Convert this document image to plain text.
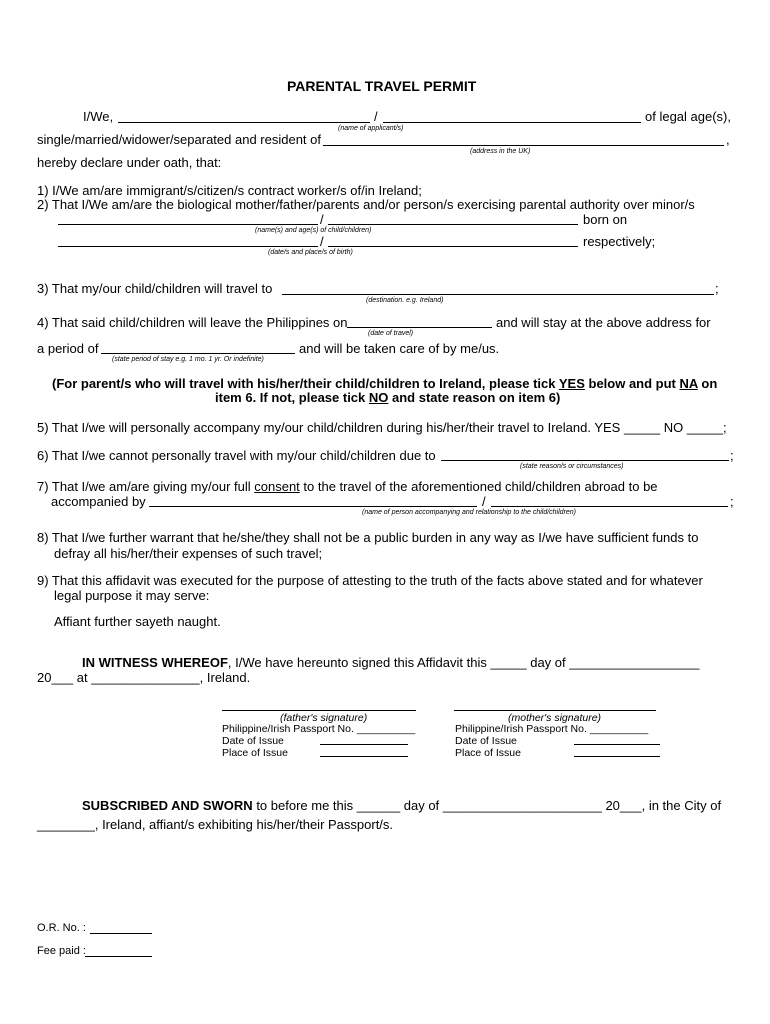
PARENTAL TRAVEL PERMIT
I/We,	/	of legal age(s),
(name of applicant/s)
single/married/widower/separated and resident of	,
(address in the UK)
hereby declare under oath, that:
1) I/We am/are immigrant/s/citizen/s contract worker/s of/in Ireland;
2) That I/We am/are the biological mother/father/parents and/or person/s exercising parental authority over minor/s
/	born on
(name(s) and age(s) of child/children)
/	respectively;
(date/s and place/s of birth)
3) That my/our child/children will travel to	;
(destination. e.g. Ireland)
4) That said child/children will leave the Philippines on	and will stay at the above address for
(date of travel)
a period of	and will be taken care of by me/us.
(state period of stay e.g. 1 mo. 1 yr. Or indefinite)
(For parent/s who will travel with his/her/their child/children to Ireland, please tick YES below and put NA on
item 6. If not, please tick NO and state reason on item 6)
5) That I/we will personally accompany my/our child/children during his/her/their travel to Ireland. YES _____ NO _____;
6) That I/we cannot personally travel with my/our child/children due to	;
(state reason/s or circumstances)
7) That I/we am/are giving my/our full consent to the travel of the aforementioned child/children abroad to be
accompanied by	/	;
(name of person accompanying and relationship to the child/children)
8) That I/we further warrant that he/she/they shall not be a public burden in any way as I/we have sufficient funds to
defray all his/her/their expenses of such travel;
9) That this affidavit was executed for the purpose of attesting to the truth of the facts above stated and for whatever
legal purpose it may serve:
Affiant further sayeth naught.
IN WITNESS WHEREOF, I/We have hereunto signed this Affidavit this _____ day of __________________
20___ at _______________, Ireland.
(father's signature)
Philippine/Irish Passport No. __________
Date of Issue
Place of Issue
(mother's signature)
Philippine/Irish Passport No. __________
Date of Issue
Place of Issue
SUBSCRIBED AND SWORN to before me this ______ day of ______________________ 20___, in the City of
________, Ireland, affiant/s exhibiting his/her/their Passport/s.
O.R. No. :
Fee paid :
